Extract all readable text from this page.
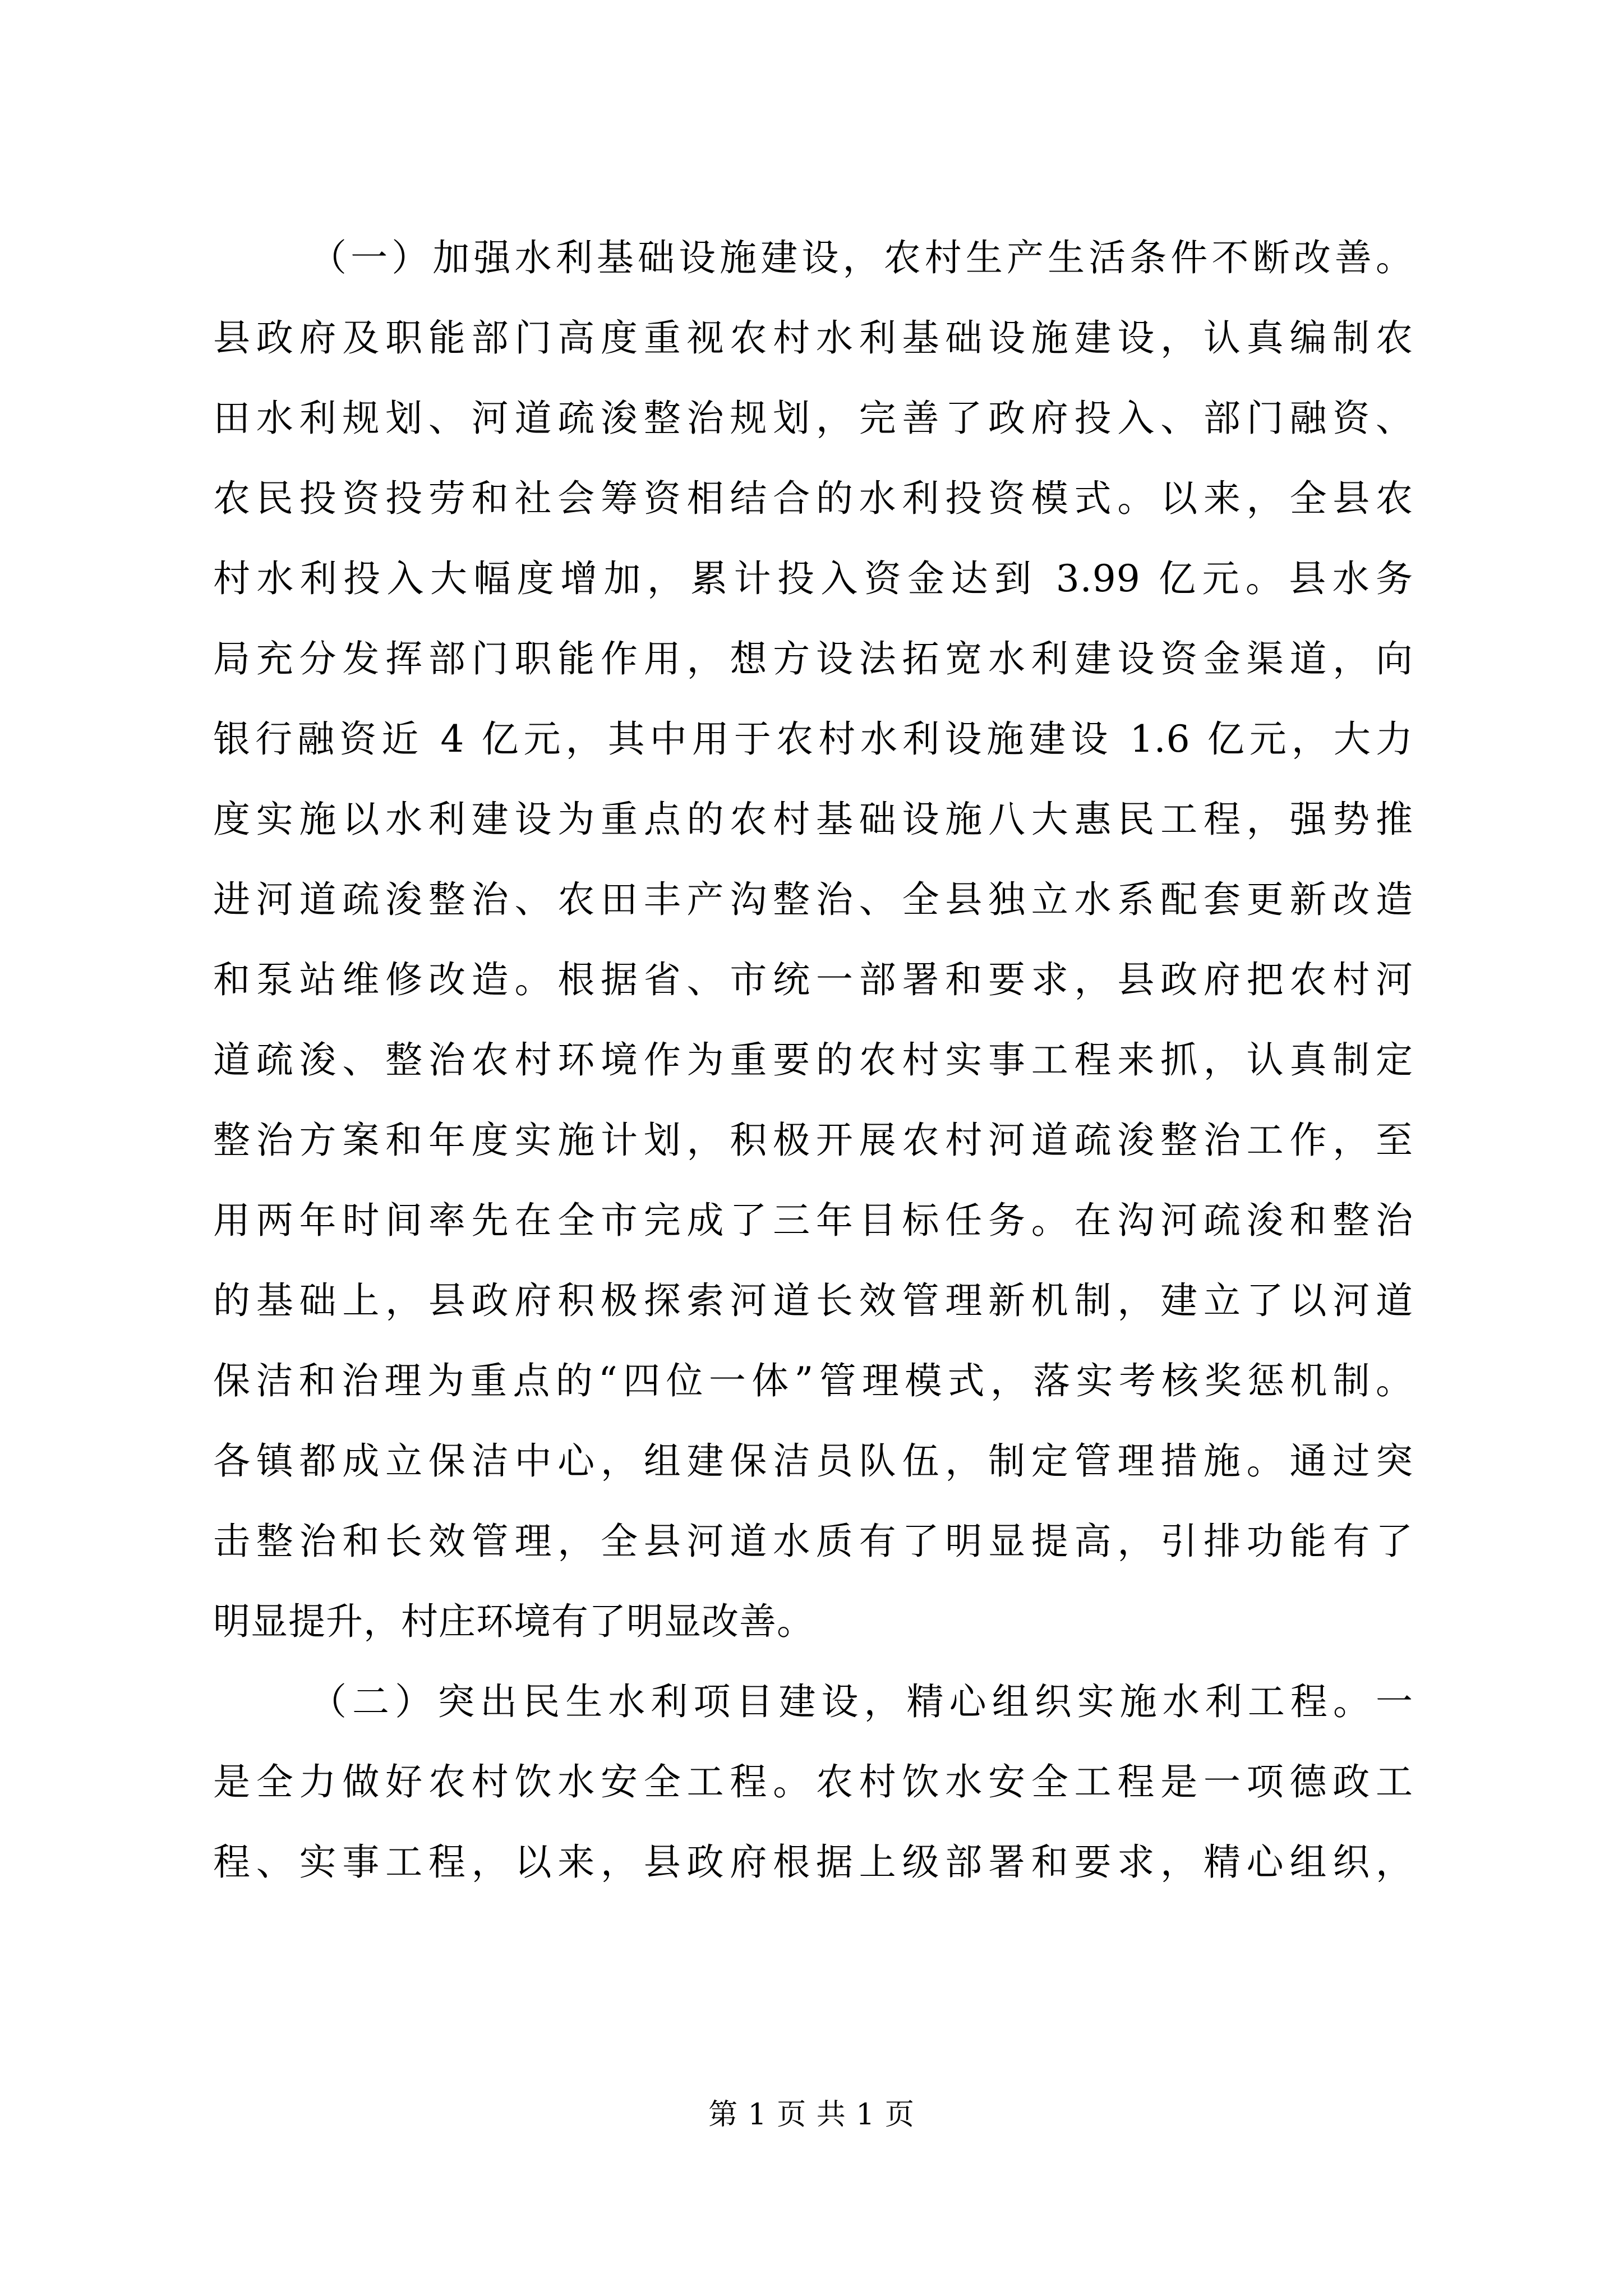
（一）加强水利基础设施建设，农村生产生活条件不断改善。
县政府及职能部门高度重视农村水利基础设施建设，认真编制农
田水利规划、河道疏浚整治规划，完善了政府投入、部门融资、
农民投资投劳和社会筹资相结合的水利投资模式。以来，全县农
村水利投入大幅度增加，累计投入资金达到 3.99 亿元。县水务
局充分发挥部门职能作用，想方设法拓宽水利建设资金渠道，向
银行融资近 4 亿元，其中用于农村水利设施建设 1.6 亿元，大力
度实施以水利建设为重点的农村基础设施八大惠民工程，强势推
进河道疏浚整治、农田丰产沟整治、全县独立水系配套更新改造
和泵站维修改造。根据省、市统一部署和要求，县政府把农村河
道疏浚、整治农村环境作为重要的农村实事工程来抓，认真制定
整治方案和年度实施计划，积极开展农村河道疏浚整治工作，至
用两年时间率先在全市完成了三年目标任务。在沟河疏浚和整治
的基础上，县政府积极探索河道长效管理新机制，建立了以河道
保洁和治理为重点的“四位一体”管理模式，落实考核奖惩机制。
各镇都成立保洁中心，组建保洁员队伍，制定管理措施。通过突
击整治和长效管理，全县河道水质有了明显提高，引排功能有了
明显提升，村庄环境有了明显改善。
（二）突出民生水利项目建设，精心组织实施水利工程。一
是全力做好农村饮水安全工程。农村饮水安全工程是一项德政工
程、实事工程，以来，县政府根据上级部署和要求，精心组织，
第 1 页 共 1 页
